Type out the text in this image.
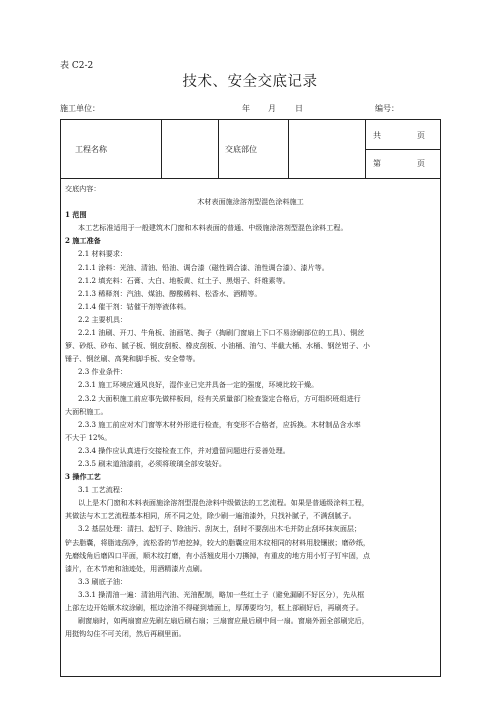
表 C2-2
技术、安全交底记录
施工单位：	年 月 日	编号：
工程名称	交底部位
共	页
第	页
交底内容：
木材表面施涂溶剂型混色涂料施工
1 范围
本工艺标准适用于一般建筑木门窗和木料表面的普通、中级施涂溶剂型混色涂料工程。
2 施工准备
2.1 材料要求：
2.1.1 涂料：光油、清油、铅油、调合漆（磁性调合漆、油性调合漆）、漆片等。
2.1.2 填充料：石膏、大白、地板黄、红土子、黑烟子、纤维素等。
2.1.3 稀释剂：汽油、煤油、醇酸稀料、松香水、酒精等。
2.1.4 催干剂：钴催干剂等液体料。
2.2 主要机具：
2.2.1 油刷、开刀、牛角板、油画笔、掏子（掏刷门窗扇上下口不易涂刷部位的工具）、铜丝
箩、砂纸、砂布、腻子板、钢皮刮板、橡皮刮板、小油桶、油勺、半截大桶、水桶、钢丝钳子、小
锤子、钢丝刷、高凳和脚手板、安全带等。
2.3 作业条件：
2.3.1 施工环境应通风良好，湿作业已完并具备一定的强度，环境比较干燥。
2.3.2 大面积施工前应事先做样板间，经有关质量部门检查鉴定合格后，方可组织班组进行
大面积施工。
2.3.3 施工前应对木门窗等木材外形进行检查，有变形不合格者，应拆换。木材制品含水率
不大于 12%。
2.3.4 操作应认真进行交接检查工作，并对遗留问题进行妥善处理。
2.3.5 刷末道油漆前，必须将玻璃全部安装好。
3 操作工艺
3.1 工艺流程：
以上是木门窗和木料表面施涂溶剂型混色涂料中级做法的工艺流程。如果是普通级涂料工程，
其做法与木工艺流程基本相同，所不同之处，除少刷一遍油漆外，只找补腻子，不满刮腻子。
3.2 基层处理：清扫、起钉子、除油污、刮灰土，刮时不要刮出木毛并防止刮坏抹灰面层；
铲去脂囊，将脂迹刮净，流松香的节疤挖掉，较大的脂囊应用木纹相同的材料用胶镶嵌；磨砂纸，
先磨线角后磨四口平面，顺木纹打磨，有小活翘皮用小刀撕掉，有重皮的地方用小钉子钉牢固，点
漆片，在木节疤和油迹处，用酒精漆片点刷。
3.3 刷底子油：
3.3.1 操清油一遍：清油用汽油、光油配制，略加一些红土子（避免漏刷不好区分），先从框
上部左边开始顺木纹涂刷，框边涂油不得碰到墙面上，厚薄要均匀，框上部刷好后，再刷亮子。
刷窗扇时，如两扇窗应先刷左扇后刷右扇；三扇窗应最后刷中间一扇。窗扇外面全部刷完后，
用挺钩勾住不可关闭，然后再刷里面。
